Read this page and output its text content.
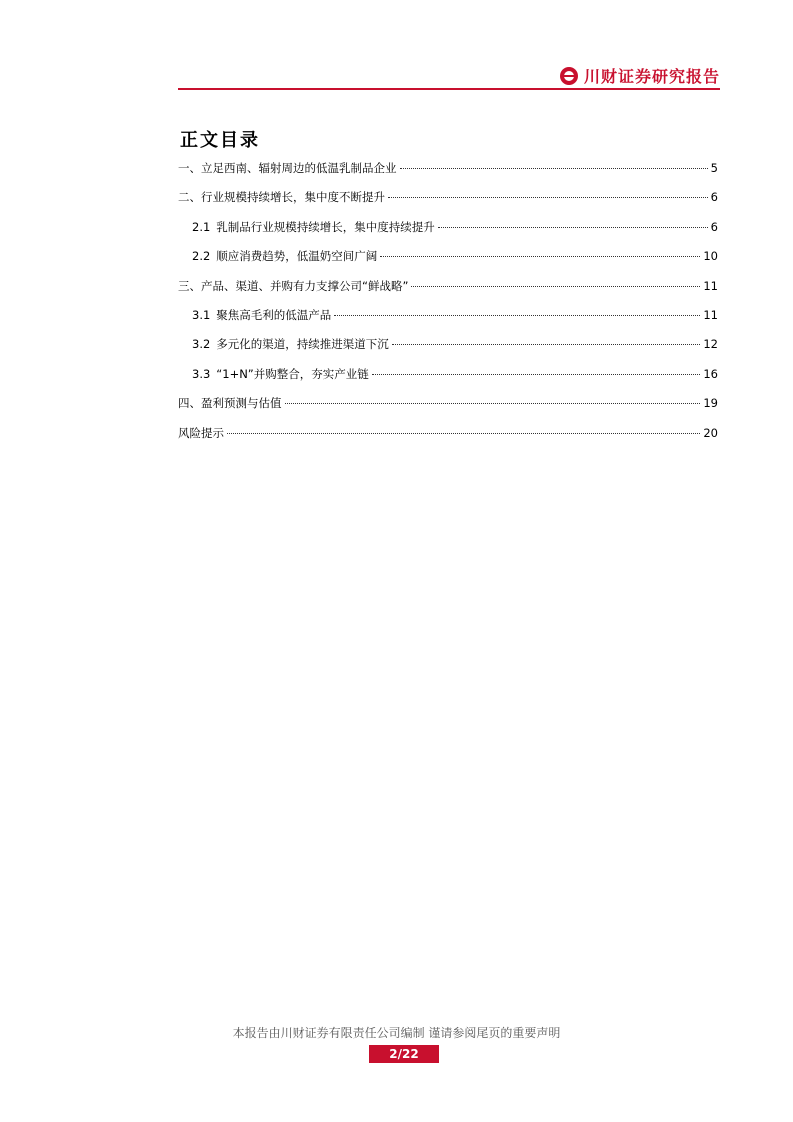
川财证券研究报告
正文目录
一、立足西南、辐射周边的低温乳制品企业	5
二、行业规模持续增长，集中度不断提升	6
2.1 乳制品行业规模持续增长，集中度持续提升	6
2.2 顺应消费趋势，低温奶空间广阔	10
三、产品、渠道、并购有力支撑公司“鲜战略”	11
3.1 聚焦高毛利的低温产品	11
3.2 多元化的渠道，持续推进渠道下沉	12
3.3 “1+N”并购整合，夯实产业链	16
四、盈利预测与估值	19
风险提示	20
本报告由川财证券有限责任公司编制 谨请参阅尾页的重要声明
2/22
